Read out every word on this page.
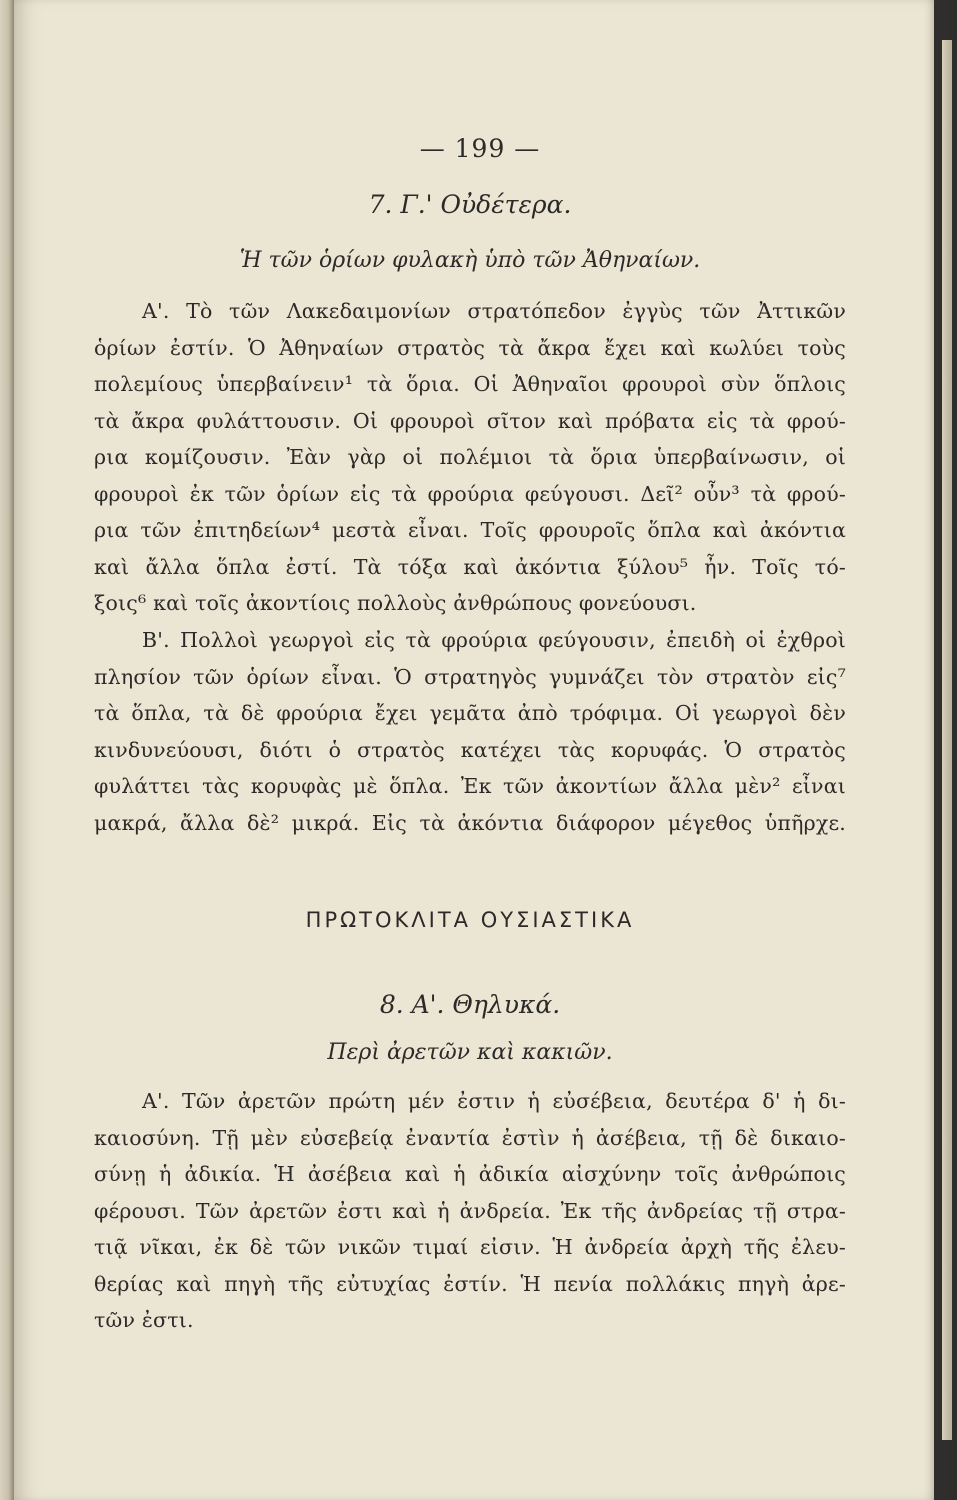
— 199 —
7. Γ.' Οὐδέτερα.
Ἡ τῶν ὁρίων φυλακὴ ὑπὸ τῶν Ἀθηναίων.
Α'. Τὸ τῶν Λακεδαιμονίων στρατόπεδον ἐγγὺς τῶν Ἀττικῶν
ὁρίων ἐστίν. Ὁ Ἀθηναίων στρατὸς τὰ ἄκρα ἔχει καὶ κωλύει τοὺς
πολεμίους ὑπερβαίνειν¹ τὰ ὅρια. Οἱ Ἀθηναῖοι φρουροὶ σὺν ὅπλοις
τὰ ἄκρα φυλάττουσιν. Οἱ φρουροὶ σῖτον καὶ πρόβατα εἰς τὰ φρού-
ρια κομίζουσιν. Ἐὰν γὰρ οἱ πολέμιοι τὰ ὅρια ὑπερβαίνωσιν, οἱ
φρουροὶ ἐκ τῶν ὁρίων εἰς τὰ φρούρια φεύγουσι. Δεῖ² οὖν³ τὰ φρού-
ρια τῶν ἐπιτηδείων⁴ μεστὰ εἶναι. Τοῖς φρουροῖς ὅπλα καὶ ἀκόντια
καὶ ἄλλα ὅπλα ἐστί. Τὰ τόξα καὶ ἀκόντια ξύλου⁵ ἦν. Τοῖς τό-
ξοις⁶ καὶ τοῖς ἀκοντίοις πολλοὺς ἀνθρώπους φονεύουσι.
Β'. Πολλοὶ γεωργοὶ εἰς τὰ φρούρια φεύγουσιν, ἐπειδὴ οἱ ἐχθροὶ
πλησίον τῶν ὁρίων εἶναι. Ὁ στρατηγὸς γυμνάζει τὸν στρατὸν εἰς⁷
τὰ ὅπλα, τὰ δὲ φρούρια ἔχει γεμᾶτα ἀπὸ τρόφιμα. Οἱ γεωργοὶ δὲν
κινδυνεύουσι, διότι ὁ στρατὸς κατέχει τὰς κορυφάς. Ὁ στρατὸς
φυλάττει τὰς κορυφὰς μὲ ὅπλα. Ἐκ τῶν ἀκοντίων ἄλλα μὲν² εἶναι
μακρά, ἄλλα δὲ² μικρά. Εἰς τὰ ἀκόντια διάφορον μέγεθος ὑπῆρχε.
ΠΡΩΤΟΚΛΙΤΑ ΟΥΣΙΑΣΤΙΚΑ
8. Α'. Θηλυκά.
Περὶ ἀρετῶν καὶ κακιῶν.
Α'. Τῶν ἀρετῶν πρώτη μέν ἐστιν ἡ εὐσέβεια, δευτέρα δ' ἡ δι-
καιοσύνη. Τῇ μὲν εὐσεβείᾳ ἐναντία ἐστὶν ἡ ἀσέβεια, τῇ δὲ δικαιο-
σύνῃ ἡ ἀδικία. Ἡ ἀσέβεια καὶ ἡ ἀδικία αἰσχύνην τοῖς ἀνθρώποις
φέρουσι. Τῶν ἀρετῶν ἐστι καὶ ἡ ἀνδρεία. Ἐκ τῆς ἀνδρείας τῇ στρα-
τιᾷ νῖκαι, ἐκ δὲ τῶν νικῶν τιμαί εἰσιν. Ἡ ἀνδρεία ἀρχὴ τῆς ἐλευ-
θερίας καὶ πηγὴ τῆς εὐτυχίας ἐστίν. Ἡ πενία πολλάκις πηγὴ ἀρε-
τῶν ἐστι.
